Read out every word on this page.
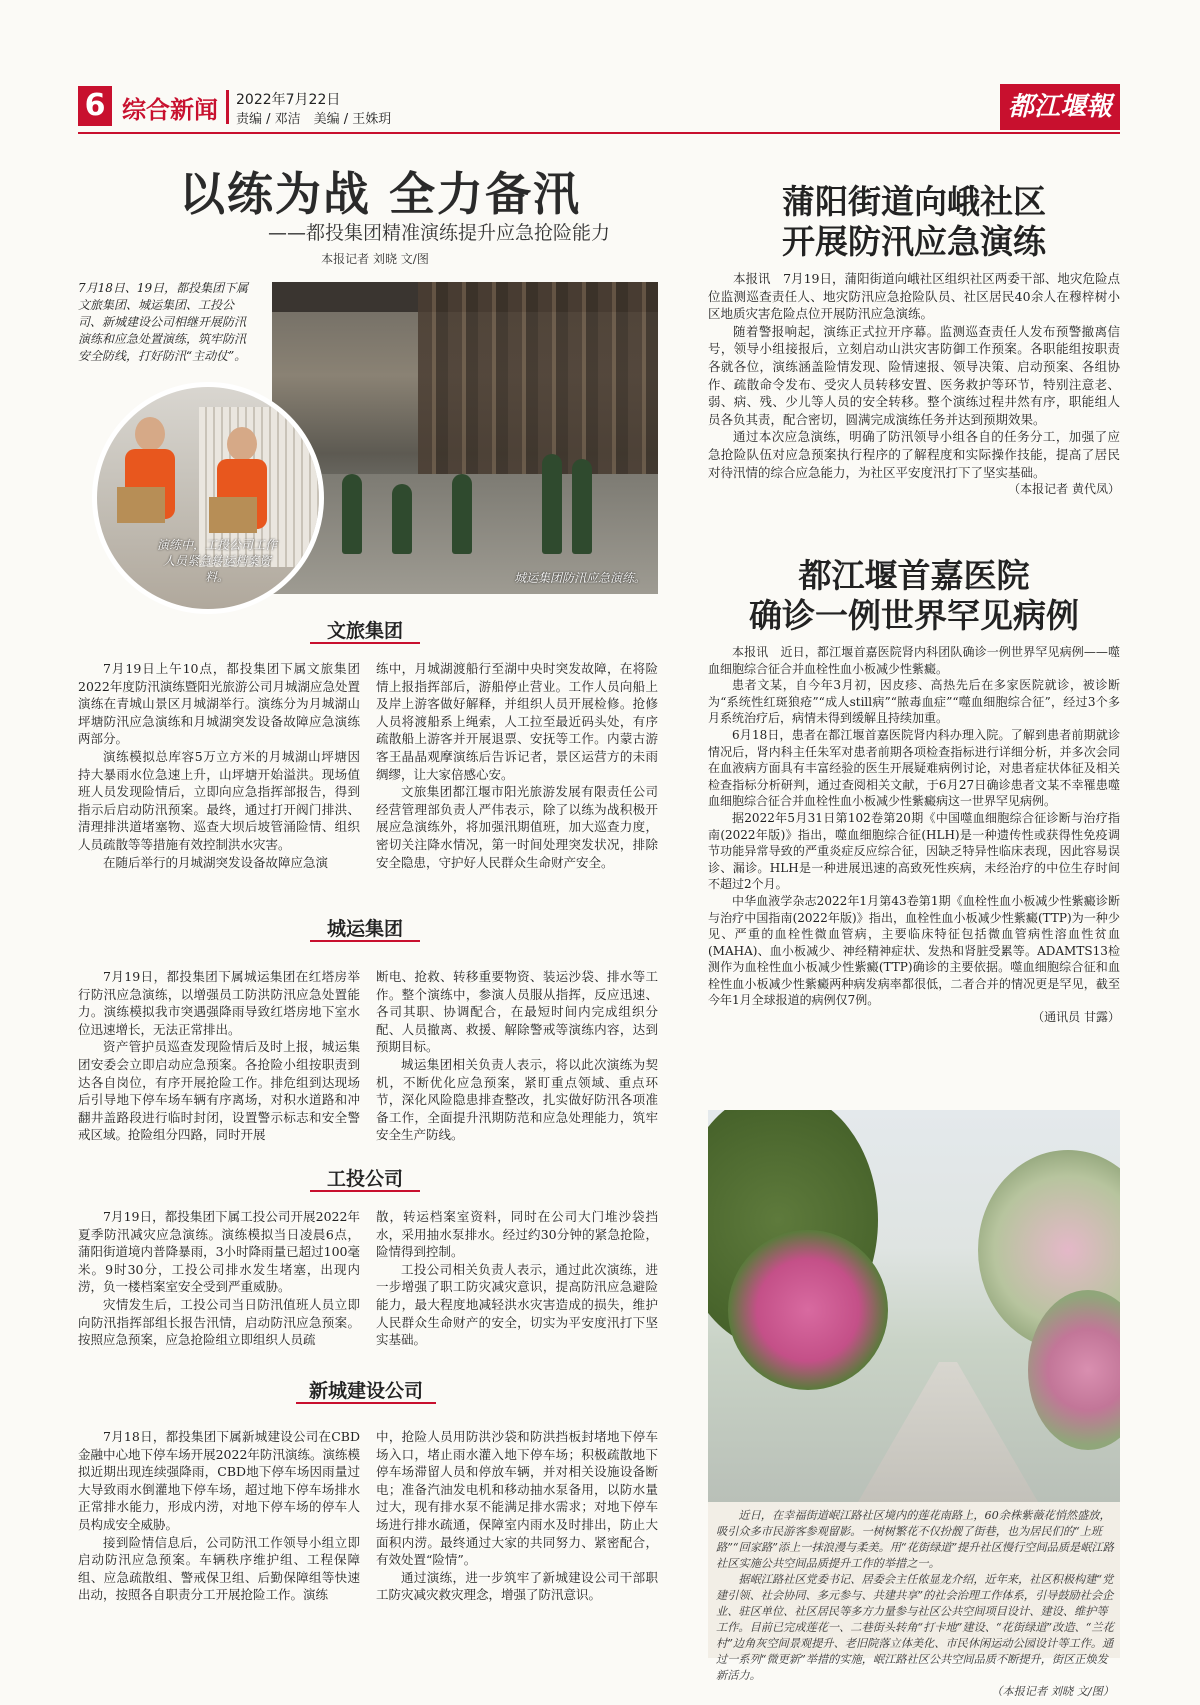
6 综合新闻 2022年7月22日
责编 / 邓洁　美编 / 王姝玥	都江堰報
以练为战 全力备汛
——都投集团精准演练提升应急抢险能力
本报记者 刘晓 文/图
7月18日、19日，都投集团下属文旅集团、城运集团、工投公司、新城建设公司相继开展防汛演练和应急处置演练，筑牢防汛安全防线，打好防汛“主动仗”。
城运集团防汛应急演练。
演练中，工投公司工作人员紧急转运档案资料。
文旅集团

7月19日上午10点，都投集团下属文旅集团2022年度防汛演练暨阳光旅游公司月城湖应急处置演练在青城山景区月城湖举行。演练分为月城湖山坪塘防汛应急演练和月城湖突发设备故障应急演练两部分。

演练模拟总库容5万立方米的月城湖山坪塘因持大暴雨水位急速上升，山坪塘开始溢洪。现场值班人员发现险情后，立即向应急指挥部报告，得到指示后启动防汛预案。最终，通过打开阀门排洪、清理排洪道堵塞物、巡查大坝后坡管涌险情、组织人员疏散等等措施有效控制洪水灾害。

在随后举行的月城湖突发设备故障应急演

练中，月城湖渡船行至湖中央时突发故障，在将险情上报指挥部后，游船停止营业。工作人员向船上及岸上游客做好解释，并组织人员开展检修。抢修人员将渡船系上绳索，人工拉至最近码头处，有序疏散船上游客并开展退票、安抚等工作。内蒙古游客王晶晶观摩演练后告诉记者，景区运营方的未雨绸缪，让大家倍感心安。

文旅集团都江堰市阳光旅游发展有限责任公司经营管理部负责人严伟表示，除了以练为战积极开展应急演练外，将加强汛期值班，加大巡查力度，密切关注降水情况，第一时间处理突发状况，排除安全隐患，守护好人民群众生命财产安全。

城运集团

7月19日，都投集团下属城运集团在红塔房举行防汛应急演练，以增强员工防洪防汛应急处置能力。演练模拟我市突遇强降雨导致红塔房地下室水位迅速增长，无法正常排出。

资产管护员巡查发现险情后及时上报，城运集团安委会立即启动应急预案。各抢险小组按职责到达各自岗位，有序开展抢险工作。排危组到达现场后引导地下停车场车辆有序离场，对积水道路和冲翻井盖路段进行临时封闭，设置警示标志和安全警戒区域。抢险组分四路，同时开展

断电、抢救、转移重要物资、装运沙袋、排水等工作。整个演练中，参演人员服从指挥，反应迅速、各司其职、协调配合，在最短时间内完成组织分配、人员撤离、救援、解除警戒等演练内容，达到预期目标。

城运集团相关负责人表示，将以此次演练为契机，不断优化应急预案，紧盯重点领域、重点环节，深化风险隐患排查整改，扎实做好防汛各项准备工作，全面提升汛期防范和应急处理能力，筑牢安全生产防线。

工投公司

7月19日，都投集团下属工投公司开展2022年夏季防汛减灾应急演练。演练模拟当日凌晨6点，蒲阳街道境内普降暴雨，3小时降雨量已超过100毫米。9时30分，工投公司排水发生堵塞，出现内涝，负一楼档案室安全受到严重威胁。

灾情发生后，工投公司当日防汛值班人员立即向防汛指挥部组长报告汛情，启动防汛应急预案。按照应急预案，应急抢险组立即组织人员疏

散，转运档案室资料，同时在公司大门堆沙袋挡水，采用抽水泵排水。经过约30分钟的紧急抢险，险情得到控制。

工投公司相关负责人表示，通过此次演练，进一步增强了职工防灾减灾意识，提高防汛应急避险能力，最大程度地减轻洪水灾害造成的损失，维护人民群众生命财产的安全，切实为平安度汛打下坚实基础。

新城建设公司

7月18日，都投集团下属新城建设公司在CBD金融中心地下停车场开展2022年防汛演练。演练模拟近期出现连续强降雨，CBD地下停车场因雨量过大导致雨水倒灌地下停车场，超过地下停车场排水正常排水能力，形成内涝，对地下停车场的停车人员构成安全威胁。

接到险情信息后，公司防汛工作领导小组立即启动防汛应急预案。车辆秩序维护组、工程保障组、应急疏散组、警戒保卫组、后勤保障组等快速出动，按照各自职责分工开展抢险工作。演练

中，抢险人员用防洪沙袋和防洪挡板封堵地下停车场入口，堵止雨水灌入地下停车场；积极疏散地下停车场滞留人员和停放车辆，并对相关设施设备断电；准备汽油发电机和移动抽水泵备用，以防水量过大，现有排水泵不能满足排水需求；对地下停车场进行排水疏通，保障室内雨水及时排出，防止大面积内涝。最终通过大家的共同努力、紧密配合，有效处置“险情”。

通过演练，进一步筑牢了新城建设公司干部职工防灾减灾救灾理念，增强了防汛意识。

蒲阳街道向峨社区
开展防汛应急演练

本报讯　7月19日，蒲阳街道向峨社区组织社区两委干部、地灾危险点位监测巡查责任人、地灾防汛应急抢险队员、社区居民40余人在穆梓树小区地质灾害危险点位开展防汛应急演练。

随着警报响起，演练正式拉开序幕。监测巡查责任人发布预警撤离信号，领导小组接报后，立刻启动山洪灾害防御工作预案。各职能组按职责各就各位，演练涵盖险情发现、险情速报、领导决策、启动预案、各组协作、疏散命令发布、受灾人员转移安置、医务救护等环节，特别注意老、弱、病、残、少儿等人员的安全转移。整个演练过程井然有序，职能组人员各负其责，配合密切，圆满完成演练任务并达到预期效果。

通过本次应急演练，明确了防汛领导小组各自的任务分工，加强了应急抢险队伍对应急预案执行程序的了解程度和实际操作技能，提高了居民对待汛情的综合应急能力，为社区平安度汛打下了坚实基础。

（本报记者 黄代凤）
都江堰首嘉医院
确诊一例世界罕见病例

本报讯　近日，都江堰首嘉医院肾内科团队确诊一例世界罕见病例——噬血细胞综合征合并血栓性血小板减少性紫癜。

患者文某，自今年3月初，因皮疹、高热先后在多家医院就诊，被诊断为“系统性红斑狼疮”“成人still病”“脓毒血症”“噬血细胞综合征”，经过3个多月系统治疗后，病情未得到缓解且持续加重。

6月18日，患者在都江堰首嘉医院肾内科办理入院。了解到患者前期就诊情况后，肾内科主任朱军对患者前期各项检查指标进行详细分析，并多次会同在血液病方面具有丰富经验的医生开展疑难病例讨论，对患者症状体征及相关检查指标分析研判，通过查阅相关文献，于6月27日确诊患者文某不幸罹患噬血细胞综合征合并血栓性血小板减少性紫癜病这一世界罕见病例。

据2022年5月31日第102卷第20期《中国噬血细胞综合征诊断与治疗指南(2022年版)》指出，噬血细胞综合征(HLH)是一种遗传性或获得性免疫调节功能异常导致的严重炎症反应综合征，因缺乏特异性临床表现，因此容易误诊、漏诊。HLH是一种进展迅速的高致死性疾病，未经治疗的中位生存时间不超过2个月。

中华血液学杂志2022年1月第43卷第1期《血栓性血小板减少性紫癜诊断与治疗中国指南(2022年版)》指出，血栓性血小板减少性紫癜(TTP)为一种少见、严重的血栓性微血管病，主要临床特征包括微血管病性溶血性贫血(MAHA)、血小板减少、神经精神症状、发热和肾脏受累等。ADAMTS13检测作为血栓性血小板减少性紫癜(TTP)确诊的主要依据。噬血细胞综合征和血栓性血小板减少性紫癜两种病发病率都很低，二者合并的情况更是罕见，截至今年1月全球报道的病例仅7例。

（通讯员 甘露）

近日，在幸福街道岷江路社区境内的莲花南路上，60余株紫薇花悄然盛放，吸引众多市民游客参观留影。一树树繁花不仅扮靓了街巷，也为居民们的“上班路”“回家路”添上一抹浪漫与柔美。用“花街绿道”提升社区慢行空间品质是岷江路社区实施公共空间品质提升工作的举措之一。

据岷江路社区党委书记、居委会主任侬显龙介绍，近年来，社区积极构建“党建引领、社会协同、多元参与、共建共享”的社会治理工作体系，引导鼓励社会企业、驻区单位、社区居民等多方力量参与社区公共空间项目设计、建设、维护等工作。目前已完成莲花一、二巷街头转角“打卡地”建设、“花街绿道”改造、“兰花村”边角灰空间景观提升、老旧院落立体美化、市民休闲运动公园设计等工作。通过一系列“微更新”举措的实施，岷江路社区公共空间品质不断提升，街区正焕发新活力。

（本报记者 刘晓 文/图）
